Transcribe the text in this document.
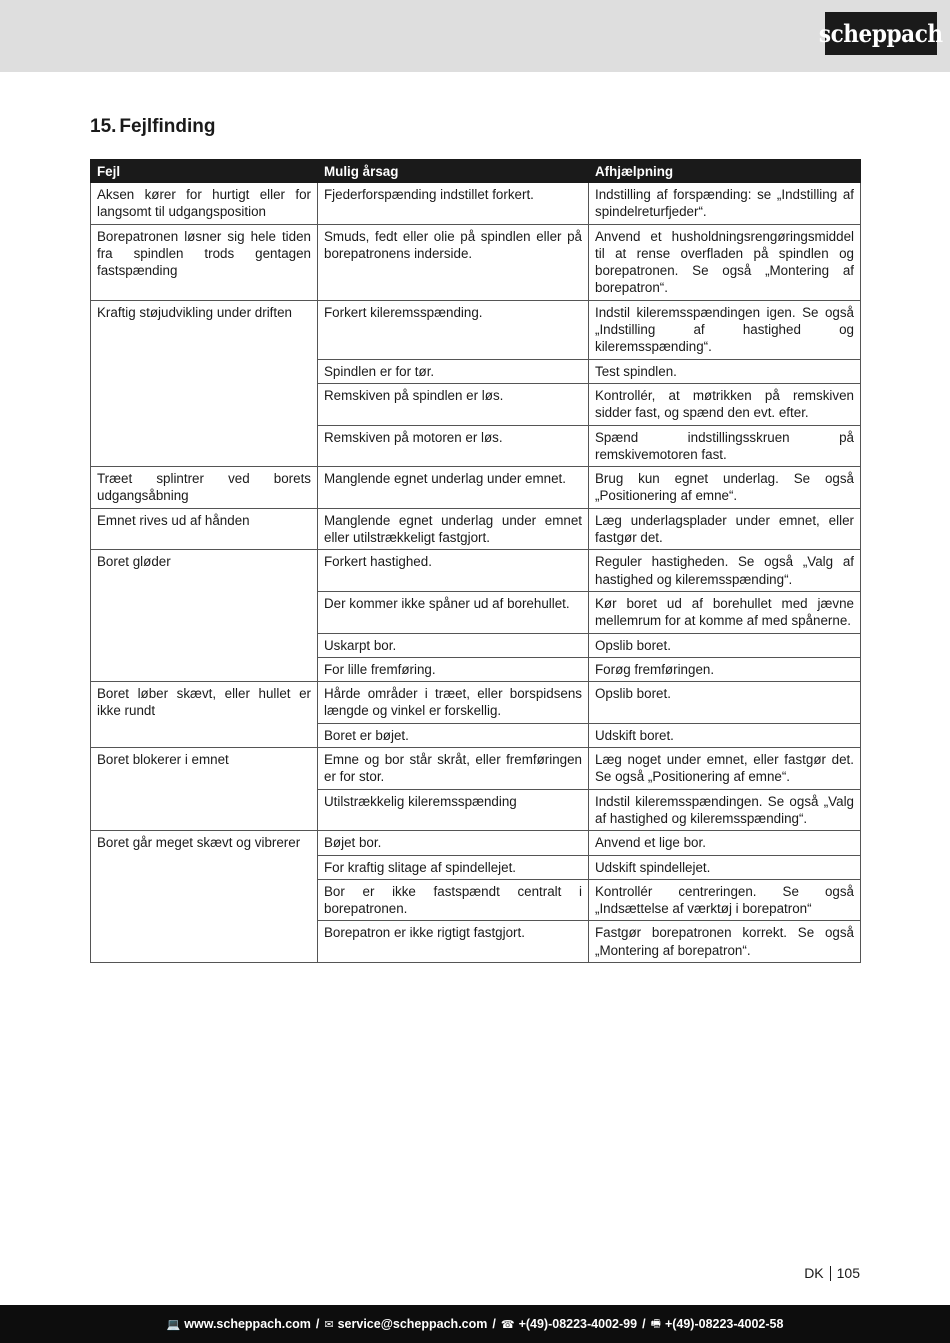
scheppach
15. Fejlfinding
Fejl	Mulig årsag	Afhjælpning
Aksen kører for hurtigt eller for langsomt til udgangsposition	Fjederforspænding indstillet forkert.	Indstilling af forspænding: se „Indstilling af spindelreturfjeder“.
Borepatronen løsner sig hele tiden fra spindlen trods gentagen fastspænding	Smuds, fedt eller olie på spindlen eller på borepatronens inderside.	Anvend et husholdningsrengøringsmiddel til at rense overfladen på spindlen og borepatronen. Se også „Montering af borepatron“.
Kraftig støjudvikling under driften	Forkert kileremsspænding.	Indstil kileremsspændingen igen. Se også „Indstilling af hastighed og kileremsspænding“.
	Spindlen er for tør.	Test spindlen.
	Remskiven på spindlen er løs.	Kontrollér, at møtrikken på remskiven sidder fast, og spænd den evt. efter.
	Remskiven på motoren er løs.	Spænd indstillingsskruen på remskivemotoren fast.
Træet splintrer ved borets udgangsåbning	Manglende egnet underlag under emnet.	Brug kun egnet underlag. Se også „Positionering af emne“.
Emnet rives ud af hånden	Manglende egnet underlag under emnet eller utilstrækkeligt fastgjort.	Læg underlagsplader under emnet, eller fastgør det.
Boret gløder	Forkert hastighed.	Reguler hastigheden. Se også „Valg af hastighed og kileremsspænding“.
	Der kommer ikke spåner ud af borehullet.	Kør boret ud af borehullet med jævne mellemrum for at komme af med spånerne.
	Uskarpt bor.	Opslib boret.
	For lille fremføring.	Forøg fremføringen.
Boret løber skævt, eller hullet er ikke rundt	Hårde områder i træet, eller borspidsens længde og vinkel er forskellig.	Opslib boret.
	Boret er bøjet.	Udskift boret.
Boret blokerer i emnet	Emne og bor står skråt, eller fremføringen er for stor.	Læg noget under emnet, eller fastgør det. Se også „Positionering af emne“.
	Utilstrækkelig kileremsspænding	Indstil kileremsspændingen. Se også „Valg af hastighed og kileremsspænding“.
Boret går meget skævt og vibrerer	Bøjet bor.	Anvend et lige bor.
	For kraftig slitage af spindellejet.	Udskift spindellejet.
	Bor er ikke fastspændt centralt i borepatronen.	Kontrollér centreringen. Se også „Indsættelse af værktøj i borepatron“
	Borepatron er ikke rigtigt fastgjort.	Fastgør borepatronen korrekt. Se også „Montering af borepatron“.
DK 105
💻 www.scheppach.com / ✉ service@scheppach.com / ☎ +(49)-08223-4002-99 / 🖷 +(49)-08223-4002-58
